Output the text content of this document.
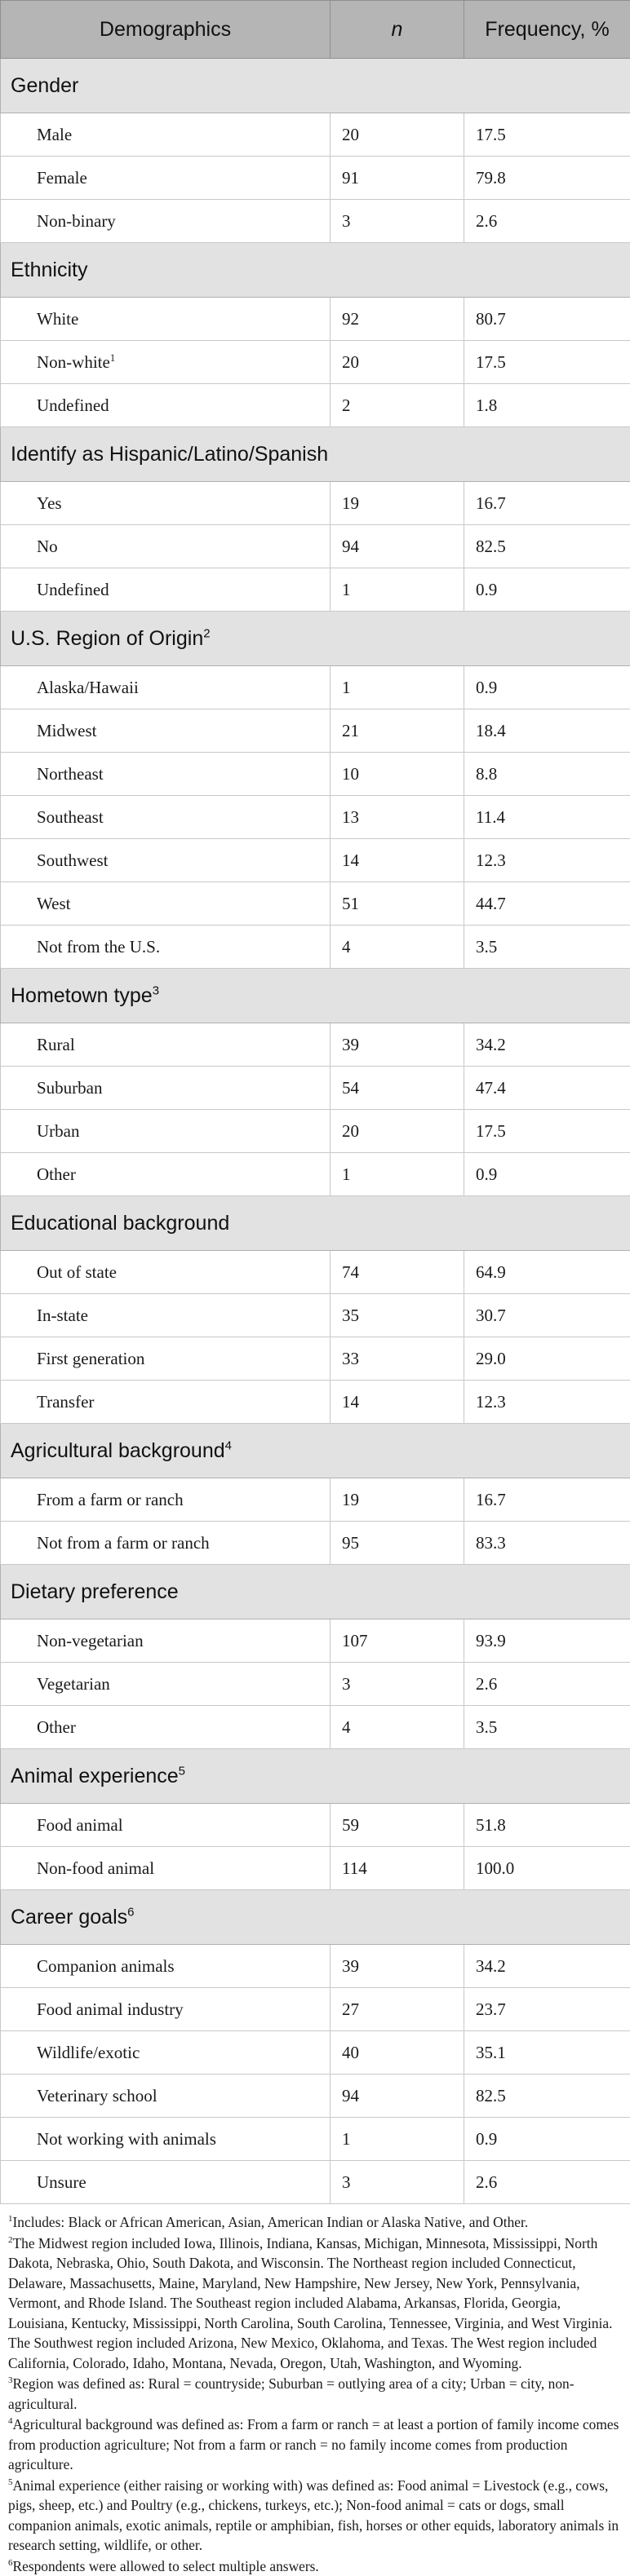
Demographics	n	Frequency, %
Gender		
Male	20	17.5
Female	91	79.8
Non-binary	3	2.6
Ethnicity		
White	92	80.7
Non-white$^1$	20	17.5
Undefined	2	1.8
Identify as Hispanic/Latino/Spanish		
Yes	19	16.7
No	94	82.5
Undefined	1	0.9
U.S. Region of Origin$^2$
Alaska/Hawaii	1	0.9
Midwest	21	18.4
Northeast	10	8.8
Southeast	13	11.4
Southwest	14	12.3
West	51	44.7
Not from the U.S.	4	3.5
Hometown type$^3$
Rural	39	34.2
Suburban	54	47.4
Urban	20	17.5
Other	1	0.9
Educational background		
Out of state	74	64.9
In-state	35	30.7
First generation	33	29.0
Transfer	14	12.3
Agricultural background$^4$
From a farm or ranch	19	16.7
Not from a farm or ranch	95	83.3
Dietary preference		
Non-vegetarian	107	93.9
Vegetarian	3	2.6
Other	4	3.5
Animal experience$^5$
Food animal	59	51.8
Non-food animal	114	100.0
Career goals$^6$
Companion animals	39	34.2
Food animal industry	27	23.7
Wildlife/exotic	40	35.1
Veterinary school	94	82.5
Not working with animals	1	0.9
Unsure	3	2.6

$^1$Includes: Black or African American, Asian, American Indian or Alaska Native, and Other.

$^2$The Midwest region included Iowa, Illinois, Indiana, Kansas, Michigan, Minnesota, Mississippi, North Dakota, Nebraska, Ohio, South Dakota, and Wisconsin. The Northeast region included Connecticut, Delaware, Massachusetts, Maine, Maryland, New Hampshire, New Jersey, New York, Pennsylvania, Vermont, and Rhode Island. The Southeast region included Alabama, Arkansas, Florida, Georgia, Louisiana, Kentucky, Mississippi, North Carolina, South Carolina, Tennessee, Virginia, and West Virginia. The Southwest region included Arizona, New Mexico, Oklahoma, and Texas. The West region included California, Colorado, Idaho, Montana, Nevada, Oregon, Utah, Washington, and Wyoming.

$^3$Region was defined as: Rural = countryside; Suburban = outlying area of a city; Urban = city, non-agricultural.

$^4$Agricultural background was defined as: From a farm or ranch = at least a portion of family income comes from production agriculture; Not from a farm or ranch = no family income comes from production agriculture.

$^5$Animal experience (either raising or working with) was defined as: Food animal = Livestock (e.g., cows, pigs, sheep, etc.) and Poultry (e.g., chickens, turkeys, etc.); Non-food animal = cats or dogs, small companion animals, exotic animals, reptile or amphibian, fish, horses or other equids, laboratory animals in research setting, wildlife, or other.

$^6$Respondents were allowed to select multiple answers.
